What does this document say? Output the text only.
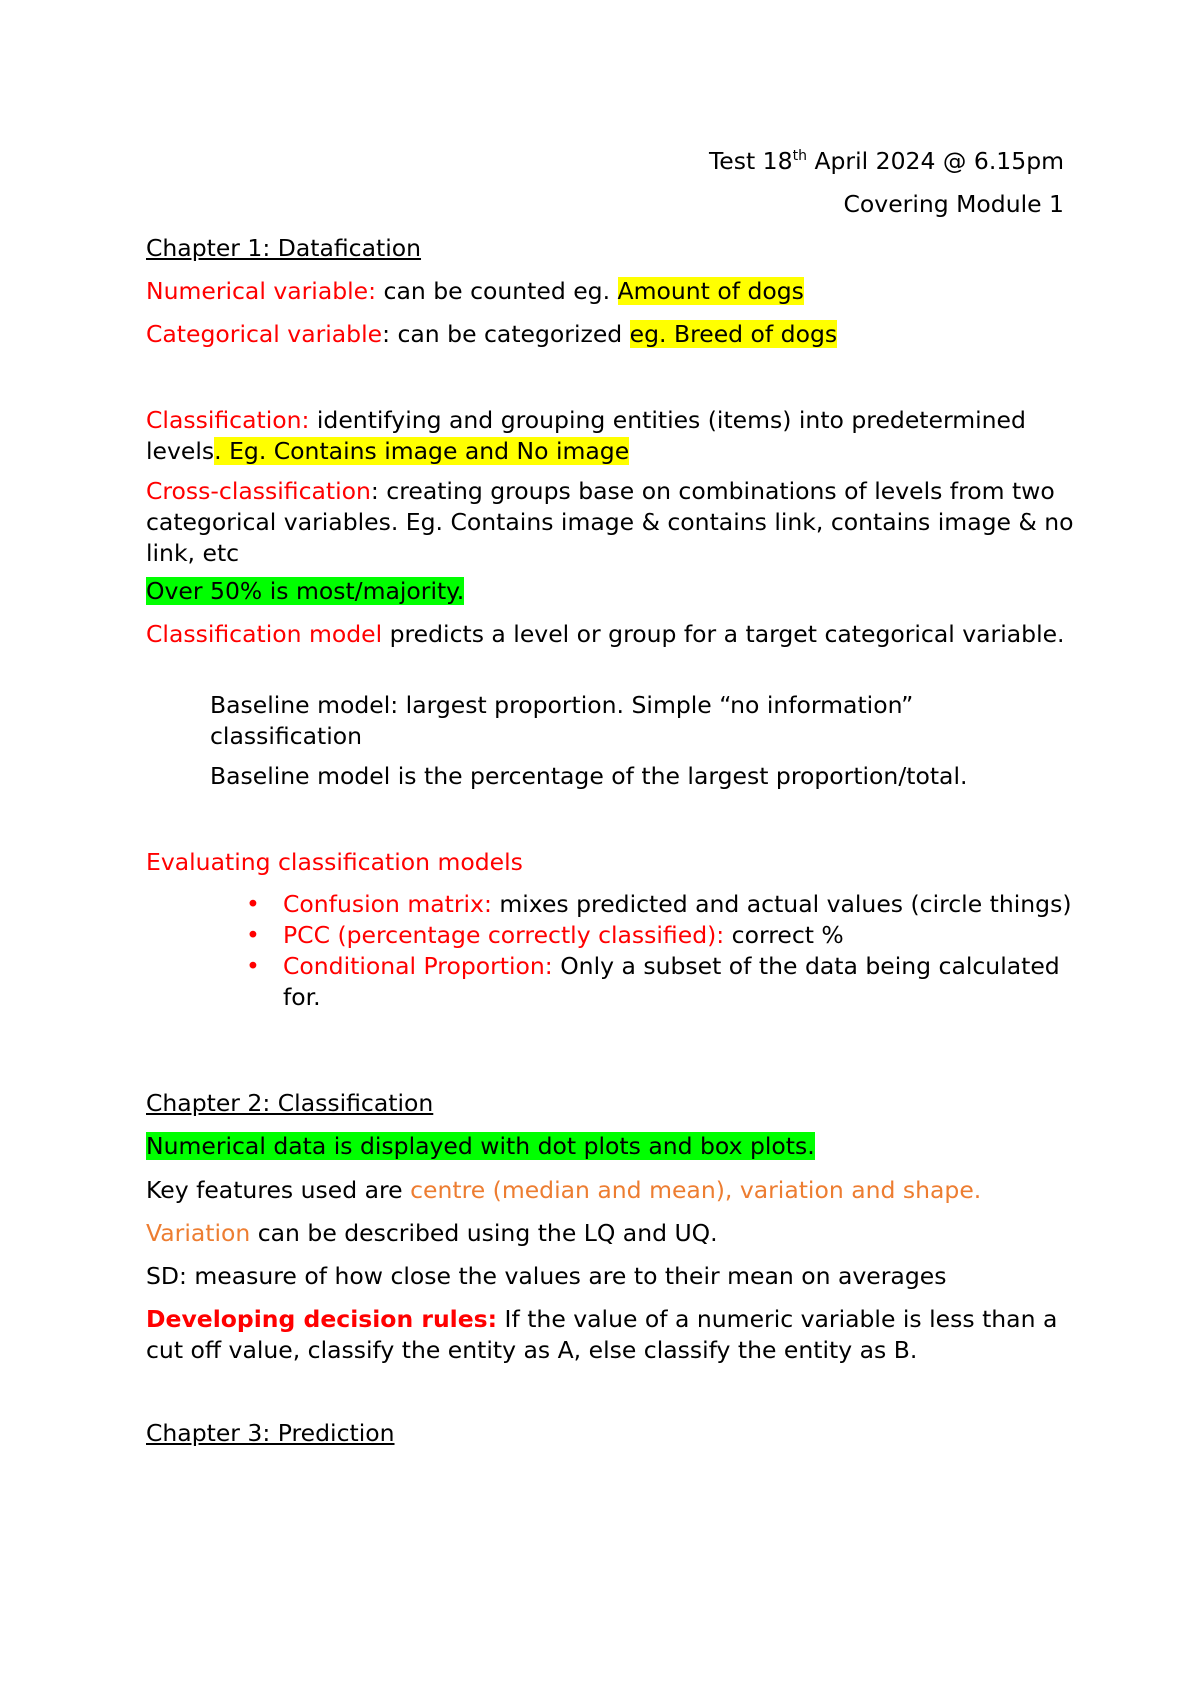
Test 18th April 2024 @ 6.15pm
Covering Module 1
Chapter 1: Datafication
Numerical variable: can be counted eg. Amount of dogs
Categorical variable: can be categorized eg. Breed of dogs
Classification: identifying and grouping entities (items) into predetermined levels. Eg. Contains image and No image
Cross-classification: creating groups base on combinations of levels from two categorical variables. Eg. Contains image & contains link, contains image & no link, etc
Over 50% is most/majority.
Classification model predicts a level or group for a target categorical variable.
Baseline model: largest proportion. Simple “no information” classification
Baseline model is the percentage of the largest proportion/total.
Evaluating classification models
• Confusion matrix: mixes predicted and actual values (circle things)
• PCC (percentage correctly classified): correct %
• Conditional Proportion: Only a subset of the data being calculated for.
Chapter 2: Classification
Numerical data is displayed with dot plots and box plots.
Key features used are centre (median and mean), variation and shape.
Variation can be described using the LQ and UQ.
SD: measure of how close the values are to their mean on averages
Developing decision rules: If the value of a numeric variable is less than a cut off value, classify the entity as A, else classify the entity as B.
Chapter 3: Prediction
